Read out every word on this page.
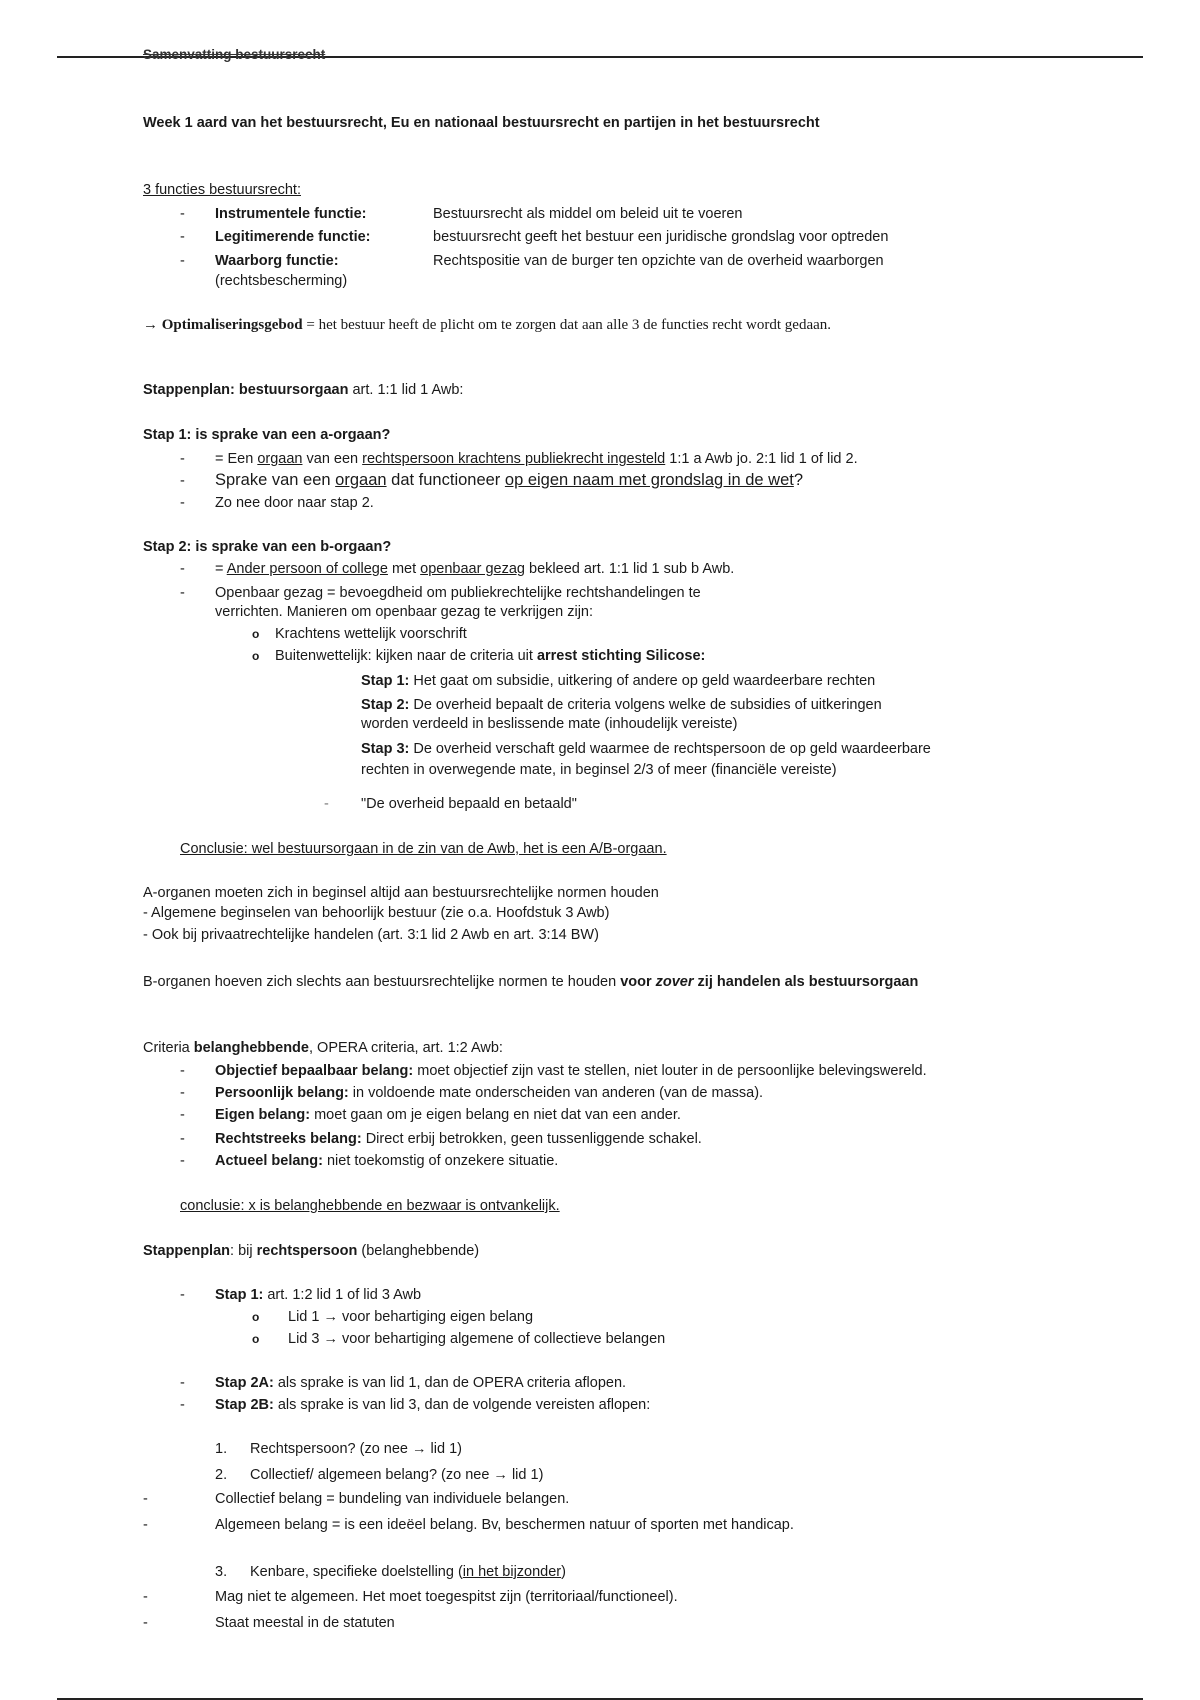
Samenvatting bestuursrecht
Week 1 aard van het bestuursrecht, Eu en nationaal bestuursrecht en partijen in het bestuursrecht
3 functies bestuursrecht:
- Instrumentele functie:	Bestuursrecht als middel om beleid uit te voeren
- Legitimerende functie:	bestuursrecht geeft het bestuur een juridische grondslag voor optreden
- Waarborg functie:	Rechtspositie van de burger ten opzichte van de overheid waarborgen
(rechtsbescherming)
→ Optimaliseringsgebod = het bestuur heeft de plicht om te zorgen dat aan alle 3 de functies recht wordt gedaan.
Stappenplan: bestuursorgaan art. 1:1 lid 1 Awb:
Stap 1: is sprake van een a-orgaan?
- = Een orgaan van een rechtspersoon krachtens publiekrecht ingesteld 1:1 a Awb jo. 2:1 lid 1 of lid 2.
- Sprake van een orgaan dat functioneer op eigen naam met grondslag in de wet?
- Zo nee door naar stap 2.
Stap 2: is sprake van een b-orgaan?
- = Ander persoon of college met openbaar gezag bekleed art. 1:1 lid 1 sub b Awb.
- Openbaar gezag = bevoegdheid om publiekrechtelijke rechtshandelingen te
verrichten. Manieren om openbaar gezag te verkrijgen zijn:
o Krachtens wettelijk voorschrift
o Buitenwettelijk: kijken naar de criteria uit arrest stichting Silicose:
Stap 1: Het gaat om subsidie, uitkering of andere op geld waardeerbare rechten
Stap 2: De overheid bepaalt de criteria volgens welke de subsidies of uitkeringen
worden verdeeld in beslissende mate (inhoudelijk vereiste)
Stap 3: De overheid verschaft geld waarmee de rechtspersoon de op geld waardeerbare
rechten in overwegende mate, in beginsel 2/3 of meer (financiële vereiste)
- "De overheid bepaald en betaald"
Conclusie: wel bestuursorgaan in de zin van de Awb, het is een A/B-orgaan.
A-organen moeten zich in beginsel altijd aan bestuursrechtelijke normen houden
- Algemene beginselen van behoorlijk bestuur (zie o.a. Hoofdstuk 3 Awb)
- Ook bij privaatrechtelijke handelen (art. 3:1 lid 2 Awb en art. 3:14 BW)
B-organen hoeven zich slechts aan bestuursrechtelijke normen te houden voor zover zij handelen als bestuursorgaan
Criteria belanghebbende, OPERA criteria, art. 1:2 Awb:
- Objectief bepaalbaar belang: moet objectief zijn vast te stellen, niet louter in de persoonlijke belevingswereld.
- Persoonlijk belang: in voldoende mate onderscheiden van anderen (van de massa).
- Eigen belang: moet gaan om je eigen belang en niet dat van een ander.
- Rechtstreeks belang: Direct erbij betrokken, geen tussenliggende schakel.
- Actueel belang: niet toekomstig of onzekere situatie.
conclusie: x is belanghebbende en bezwaar is ontvankelijk.
Stappenplan: bij rechtspersoon (belanghebbende)
- Stap 1: art. 1:2 lid 1 of lid 3 Awb
o Lid 1 → voor behartiging eigen belang
o Lid 3 → voor behartiging algemene of collectieve belangen
- Stap 2A: als sprake is van lid 1, dan de OPERA criteria aflopen.
- Stap 2B: als sprake is van lid 3, dan de volgende vereisten aflopen:
1. Rechtspersoon? (zo nee → lid 1)
2. Collectief/ algemeen belang? (zo nee → lid 1)
-	Collectief belang = bundeling van individuele belangen.
-	Algemeen belang = is een ideëel belang. Bv, beschermen natuur of sporten met handicap.
3. Kenbare, specifieke doelstelling (in het bijzonder)
-	Mag niet te algemeen. Het moet toegespitst zijn (territoriaal/functioneel).
-	Staat meestal in de statuten
